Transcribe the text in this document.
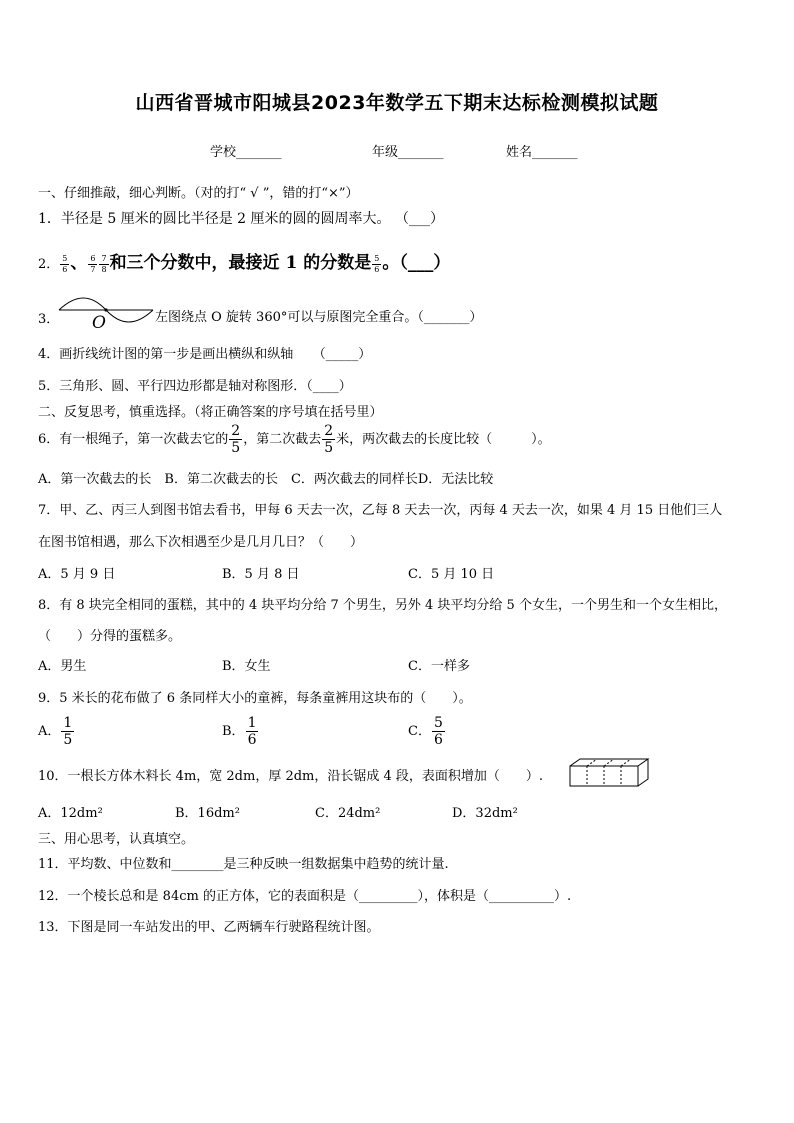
山西省晋城市阳城县2023年数学五下期末达标检测模拟试题
学校_______	年级_______	姓名_______
一、仔细推敲，细心判断。（对的打“ √ ”，错的打“×”）
1．半径是 5 厘米的圆比半径是 2 厘米的圆的圆周率大。 （___）
2． $\frac{5}{6}$ 、 $\frac{6}{7} \frac{7}{8}$ 和三个分数中，最接近 1 的分数是 $\frac{5}{6}$ 。（___）
3． O	左图绕点 O 旋转 360°可以与原图完全重合。（_______）
4．画折线统计图的第一步是画出横纵和纵轴　　（_____）
5．三角形、圆、平行四边形都是轴对称图形．（____）
二、反复思考，慎重选择。（将正确答案的序号填在括号里）
6．有一根绳子，第一次截去它的 $\frac{2}{5}$ ，第二次截去 $\frac{2}{5}$ 米，两次截去的长度比较（　　　）。
A．第一次截去的长　B．第二次截去的长　C．两次截去的同样长D．无法比较
7．甲、乙、丙三人到图书馆去看书，甲每 6 天去一次，乙每 8 天去一次，丙每 4 天去一次，如果 4 月 15 日他们三人
在图书馆相遇，那么下次相遇至少是几月几日？（　　）
A．5 月 9 日	B．5 月 8 日	C．5 月 10 日
8．有 8 块完全相同的蛋糕，其中的 4 块平均分给 7 个男生，另外 4 块平均分给 5 个女生，一个男生和一个女生相比，
（　　）分得的蛋糕多。
A．男生	B．女生	C．一样多
9．5 米长的花布做了 6 条同样大小的童裤，每条童裤用这块布的（　　）。
A． $\frac{1}{5}$	B． $\frac{1}{6}$	C． $\frac{5}{6}$
10．一根长方体木料长 4m，宽 2dm，厚 2dm，沿长锯成 4 段，表面积增加（　　）.
A．12dm²	B．16dm²	C．24dm²	D．32dm²
三、用心思考，认真填空。
11．平均数、中位数和________是三种反映一组数据集中趋势的统计量.
12．一个棱长总和是 84cm 的正方体，它的表面积是（_________），体积是（__________）.
13．下图是同一车站发出的甲、乙两辆车行驶路程统计图。
